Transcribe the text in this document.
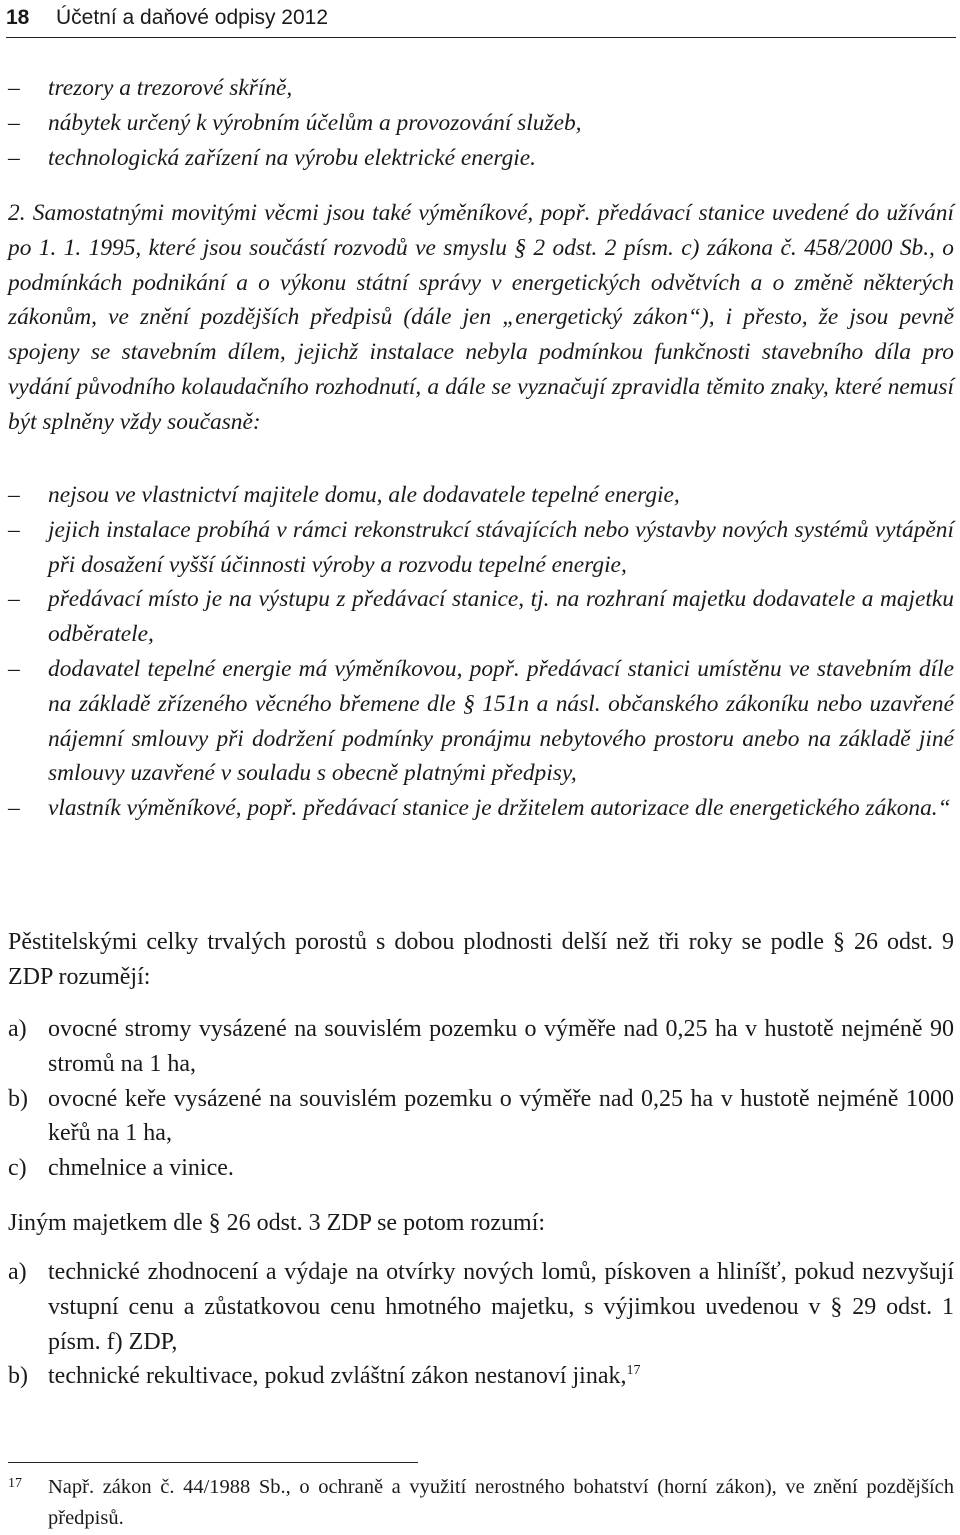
18 Účetní a daňové odpisy 2012
– trezory a trezorové skříně,
– nábytek určený k výrobním účelům a provozování služeb,
– technologická zařízení na výrobu elektrické energie.

2. Samostatnými movitými věcmi jsou také výměníkové, popř. předávací stanice uvedené do užívání po 1. 1. 1995, které jsou součástí rozvodů ve smyslu § 2 odst. 2 písm. c) zákona č. 458/2000 Sb., o podmínkách podnikání a o výkonu státní správy v energetických odvětvích a o změně některých zákonům, ve znění pozdějších předpisů (dále jen „energetický zákon“), i přesto, že jsou pevně spojeny se stavebním dílem, jejichž instalace nebyla podmínkou funkčnosti stavebního díla pro vydání původního kolaudačního rozhodnutí, a dále se vyznačují zpravidla těmito znaky, které nemusí být splněny vždy současně:

– nejsou ve vlastnictví majitele domu, ale dodavatele tepelné energie,
– jejich instalace probíhá v rámci rekonstrukcí stávajících nebo výstavby nových systémů vytápění při dosažení vyšší účinnosti výroby a rozvodu tepelné energie,
– předávací místo je na výstupu z předávací stanice, tj. na rozhraní majetku dodavatele a majetku odběratele,
– dodavatel tepelné energie má výměníkovou, popř. předávací stanici umístěnu ve stavebním díle na základě zřízeného věcného břemene dle § 151n a násl. občanského zákoníku nebo uzavřené nájemní smlouvy při dodržení podmínky pronájmu nebytového prostoru anebo na základě jiné smlouvy uzavřené v souladu s obecně platnými předpisy,
– vlastník výměníkové, popř. předávací stanice je držitelem autorizace dle energetického zákona.“

Pěstitelskými celky trvalých porostů s dobou plodnosti delší než tři roky se podle § 26 odst. 9 ZDP rozumějí:

a) ovocné stromy vysázené na souvislém pozemku o výměře nad 0,25 ha v hustotě nejméně 90 stromů na 1 ha,
b) ovocné keře vysázené na souvislém pozemku o výměře nad 0,25 ha v hustotě nejméně 1000 keřů na 1 ha,
c) chmelnice a vinice.

Jiným majetkem dle § 26 odst. 3 ZDP se potom rozumí:

a) technické zhodnocení a výdaje na otvírky nových lomů, pískoven a hliníšť, pokud nezvyšují vstupní cenu a zůstatkovou cenu hmotného majetku, s výjimkou uvedenou v § 29 odst. 1 písm. f) ZDP,
b) technické rekultivace, pokud zvláštní zákon nestanoví jinak,$^{17}$
17	Např. zákon č. 44/1988 Sb., o ochraně a využití nerostného bohatství (horní zákon), ve znění pozdějších předpisů.
